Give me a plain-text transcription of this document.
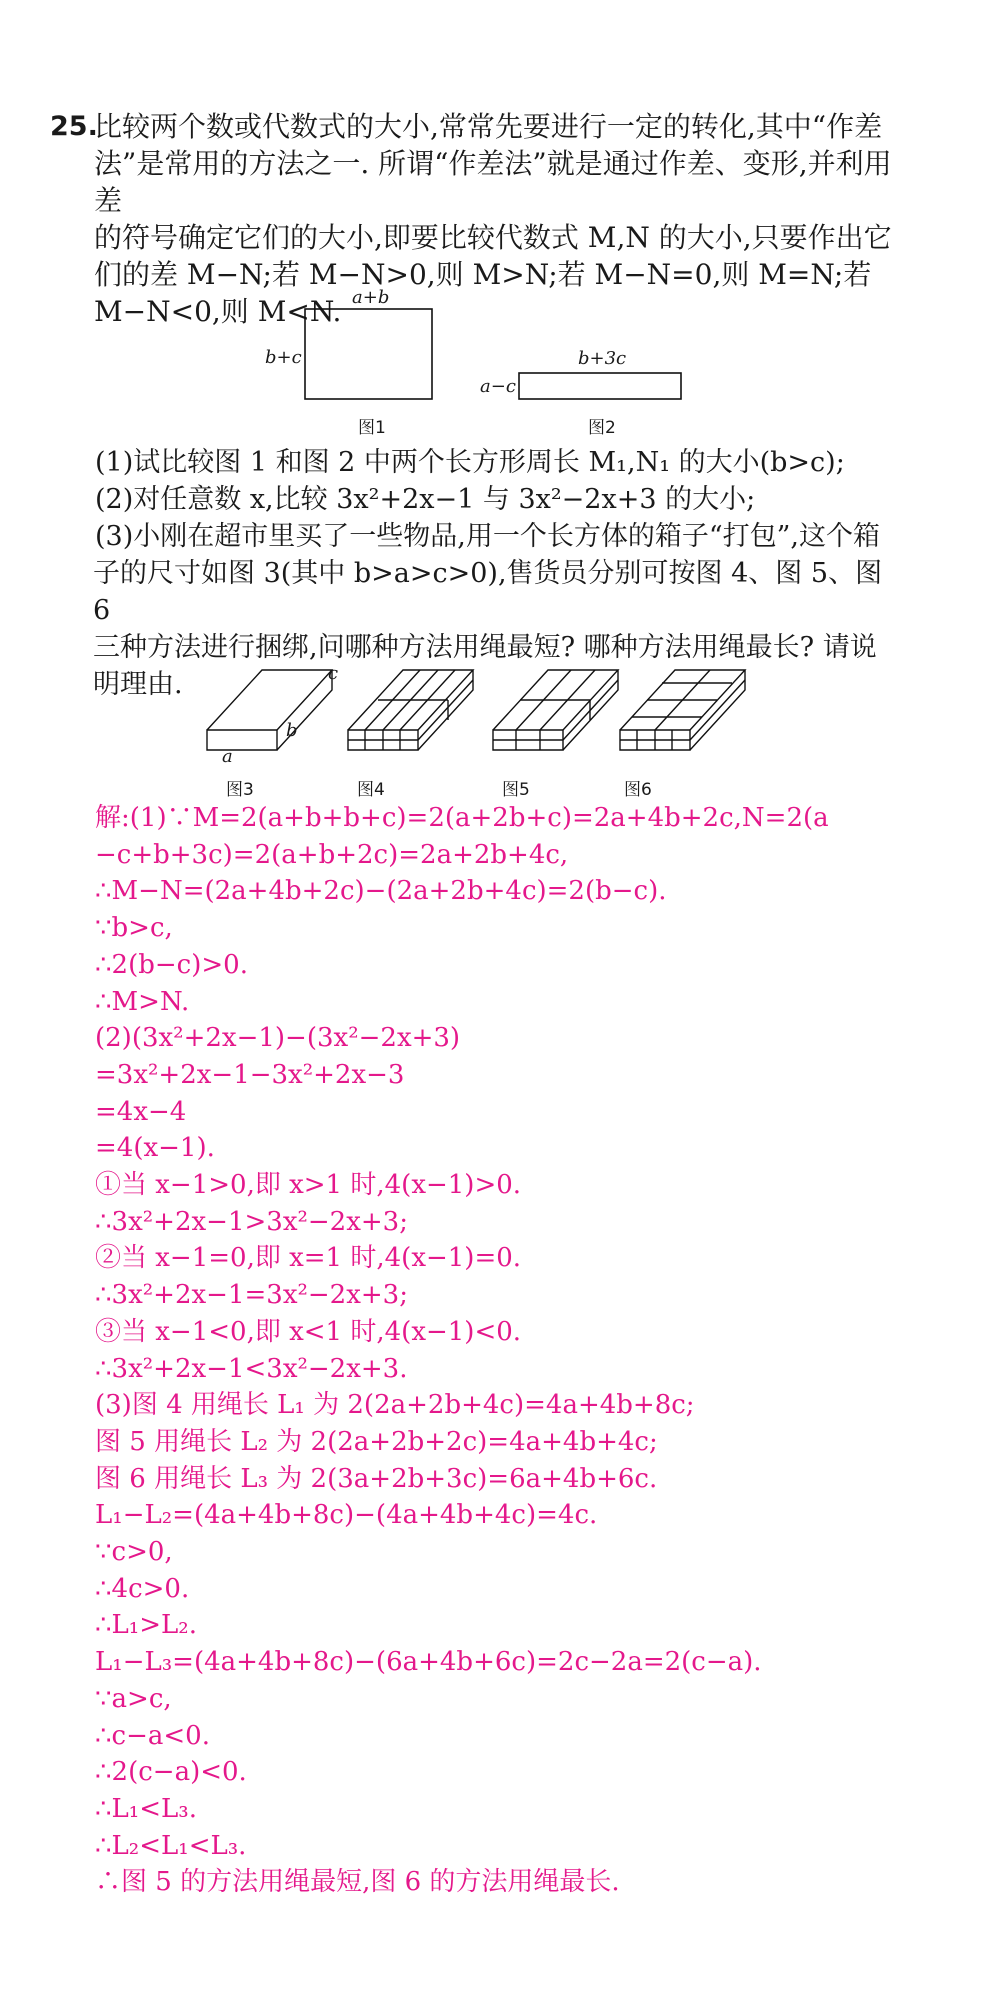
25.

比较两个数或代数式的大小,常常先要进行一定的转化,其中“作差

法”是常用的方法之一. 所谓“作差法”就是通过作差、变形,并利用差

的符号确定它们的大小,即要比较代数式 M,N 的大小,只要作出它

们的差 M−N;若 M−N>0,则 M>N;若 M−N=0,则 M=N;若

M−N<0,则 M<N. a+b
b+c
图1
b+3c
a−c
图2

(1)试比较图 1 和图 2 中两个长方形周长 M₁,N₁ 的大小(b>c);

(2)对任意数 x,比较 3x²+2x−1 与 3x²−2x+3 的大小;

(3)小刚在超市里买了一些物品,用一个长方体的箱子“打包”,这个箱

子的尺寸如图 3(其中 b>a>c>0),售货员分别可按图 4、图 5、图 6

三种方法进行捆绑,问哪种方法用绳最短? 哪种方法用绳最长? 请说

明理由.	c
b
a
图3	图4	图5	图6

解:(1)∵M=2(a+b+b+c)=2(a+2b+c)=2a+4b+2c,N=2(a

−c+b+3c)=2(a+b+2c)=2a+2b+4c,

∴M−N=(2a+4b+2c)−(2a+2b+4c)=2(b−c).

∵b>c,

∴2(b−c)>0.

∴M>N.

(2)(3x²+2x−1)−(3x²−2x+3)

=3x²+2x−1−3x²+2x−3

=4x−4

=4(x−1).

①当 x−1>0,即 x>1 时,4(x−1)>0.

∴3x²+2x−1>3x²−2x+3;

②当 x−1=0,即 x=1 时,4(x−1)=0.

∴3x²+2x−1=3x²−2x+3;

③当 x−1<0,即 x<1 时,4(x−1)<0.

∴3x²+2x−1<3x²−2x+3.

(3)图 4 用绳长 L₁ 为 2(2a+2b+4c)=4a+4b+8c;

图 5 用绳长 L₂ 为 2(2a+2b+2c)=4a+4b+4c;

图 6 用绳长 L₃ 为 2(3a+2b+3c)=6a+4b+6c.

L₁−L₂=(4a+4b+8c)−(4a+4b+4c)=4c.

∵c>0,

∴4c>0.

∴L₁>L₂.

L₁−L₃=(4a+4b+8c)−(6a+4b+6c)=2c−2a=2(c−a).

∵a>c,

∴c−a<0.

∴2(c−a)<0.

∴L₁<L₃.

∴L₂<L₁<L₃.

∴图 5 的方法用绳最短,图 6 的方法用绳最长.
